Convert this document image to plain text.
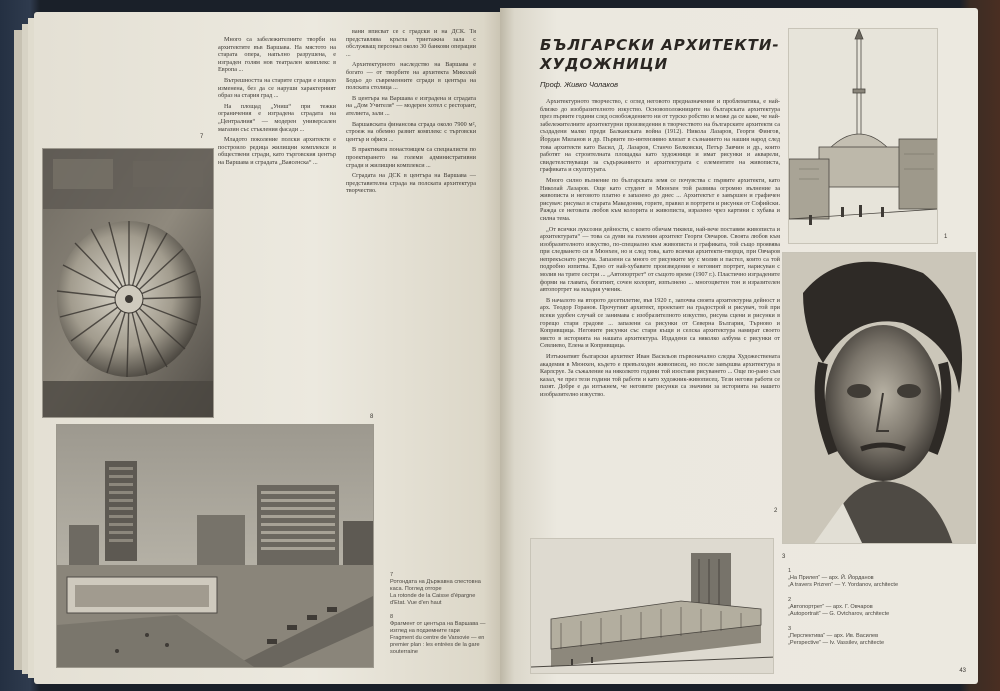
Много са забележителните творби на архитектите във Варшава. На мястото на старата опера, напълно разрушена, е изграден голям нов театрален комплекс в Европа ...

Вътрешността на старите сгради е изцяло изменена, без да се наруши характерният образ на стария град ...

На площад „Униш“ при тежки ограничения е изградена сградата на „Централния“ — модерен универсален магазин със стъкления фасади ...

Младото поколение полски архитекти е построило редица жилищни комплекси и обществени сгради, като търговския център на Варшава и сградата „Ваясенска“ ...

вани вписват се с градски и на ДСК. Тя представлява кръгла триетажна зала с обслужващ персонал около 30 банкови операции ...

Архитектурното наследство на Варшава е богато — от творбите на архитекта Миколай Бодьо до съвременните сгради в центъра на полската столица ...

В центъра на Варшава е изградена и сградата на „Дом Учителя“ — модерен хотел с ресторант, ателиета, зали ...

Варшавската финансова сграда около 7900 м², строеж на обемно развит комплекс с търговски център и офиси ...

В практиката понастоящем са специалисти по проектирането на големи административни сгради и жилищни комплекси ...

Сградата на ДСК в центъра на Варшава — представителна сграда на полската архитектура творчество.

7
8
7
Ротондата на Държавна спестовна каса. Поглед отгоре
La rotonde de la Caisse d'épargne d'Etat. Vue d'en haut
8
Фрагмент от центъра на Варшава — изглед на подземните гари
Fragment du centre de Varsovie — en premier plan : les entrées de la gare souterraine
БЪЛГАРСКИ АРХИТЕКТИ-ХУДОЖНИЦИ
Проф. Живко Чолаков

Архитектурното творчество, с оглед неговото предназначение и проблематика, е най-близко до изобразителното изкуство. Основоположниците на българската архитектура през първите години след освобождението ни от турско робство и може да се каже, че най-забележителните архитектурни произведения в творчеството на българските архитекти са създадени малко преди Балканската война (1912). Никола Лазаров, Георги Фингов, Йордан Миланов и др. Първите по-интензивно влизат в съзнанието на нашия народ след това архитекти като Васил, Д. Лазаров, Станчо Белковски, Петър Завчин и др., които работят на строителната площадка като художници и имат рисунки и акварели, свидетелствуващи за съдържанието и архитектурата с елементите на живописта, графиката и скулптурата.

Много силно вълнение по българската земя се почувства с първите архитекти, като Николай Лазаров. Още като студент в Мюнхен той развива огромно вълнение за живописта и неговото платно е запазено до днес ... Архитектът е завършен и графичен рисувач: рисувал и старата Македония, горите, правил и портрети и рисунки от Софийски. Ражда се неговата любов към колорита и живописта, изразено чрез картини с хубава и силна тема.

„От всички луксозни дейности, с които обичам тиквеш, най-вече поставям живописта и архитектурата“ — това са думи на големия архитект Георги Овчаров. Своята любов към изобразителното изкуство, по-специално към живописта и графиката, той също проявява при следването си в Мюнхен, но и след това, като всички архитекти-творци, при Овчаров непрекъснато рисува. Запазени са много от рисунките му с молив и пастел, които са той подробно изпитва. Едно от най-хубавите произведения е неговият портрет, нарисуван с молив на трите сестри ... „Автопортрет“ от същото време (1907 г.). Пластично изградените форми на главата, богатият, сочен колорит, изпълнено ... многоцветен тон и изразителен автопортрет на младия ученик.

В началото на второто десетилетие, във 1920 г., започва своята архитектурна дейност и арх. Теодор Горанов. Прочутият архитект, проектант на градострой и рисувач, той при всеки удобен случай се занимава с изобразителното изкуство, рисува сцени и рисунки в горещо стари градове ... запазени са рисунки от Северна България, Търново и Копривщица. Неговите рисунки със стари къщи и селска архитектура намират своето място в историята на нашата архитектура. Издадени са няколко албума с рисунки от Севлиево, Елена и Копривщица.

Изтъкнатият български архитект Иван Васильов първоначално следва Художествената академия в Мюнхен, където е превъзходен живописец, но после завършва архитектура в Карлсруе. За съжаление на няколкото години той изоставя рисуването ... Още по-рано съм казал, че през тези години той работи и като художник-живописец. Тези негови работи се пазят. Добре е да изтъкнем, че неговите рисунки са значими за историята на нашето изобразително изкуство.

1
2
3
1
„На Прилеп“ — арх. Й. Йорданов
„A travers Prizren“ — Y. Yordanov, architecte
2
„Автопортрет“ — арх. Г. Овчаров
„Autoportrait“ — G. Ovtcharov, architecte
3
„Перспектива“ — арх. Ив. Василев
„Perspective“ — Iv. Vassilev, architecte
43
